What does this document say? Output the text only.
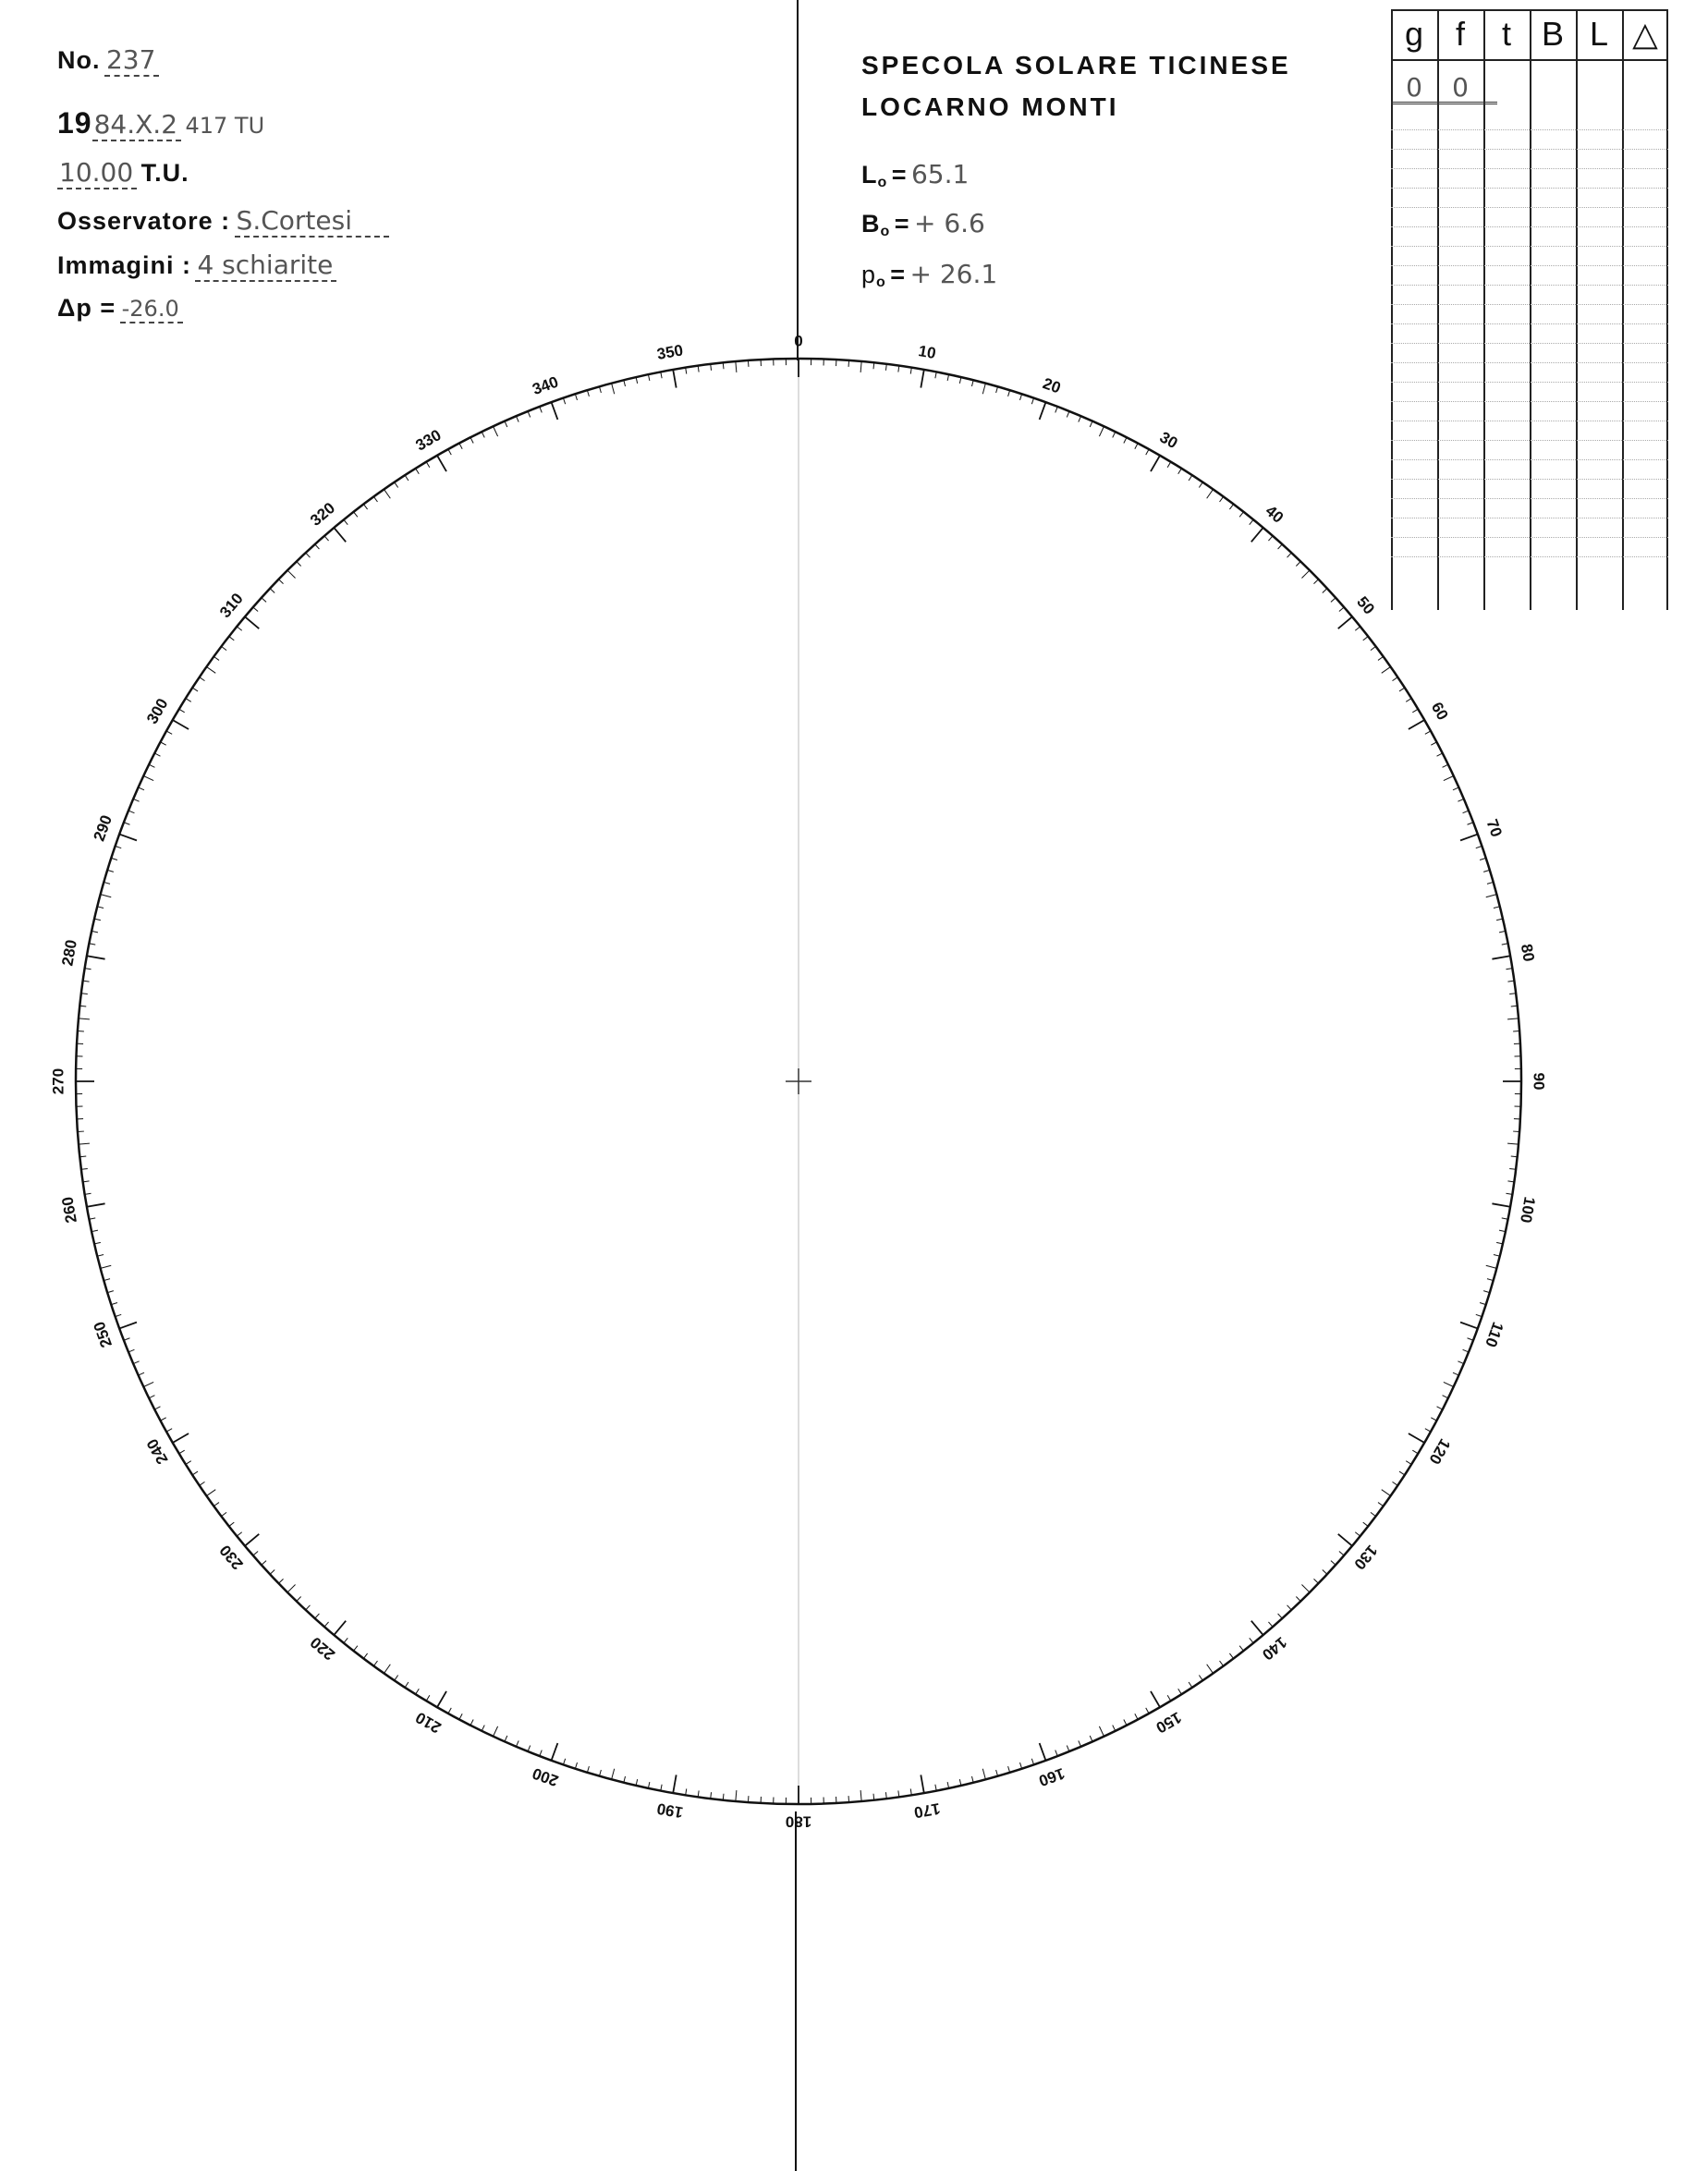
No. 237
1984.X.2 417 TU
10.00 T.U.
Osservatore : S.Cortesi
Immagini : 4 schiarite
Δp = -26.0
SPECOLA SOLARE TICINESE
LOCARNO MONTI
Lo = 65.1
Bo = + 6.6
po = + 26.1
g f	t B L △
0	0
0
10
20
30
40
50
60
70
80
90
100
110
120
130
140
150
160
170
180
190
200
210
220
230
240
250
260
270
280
290
300
310
320
330
340
350
